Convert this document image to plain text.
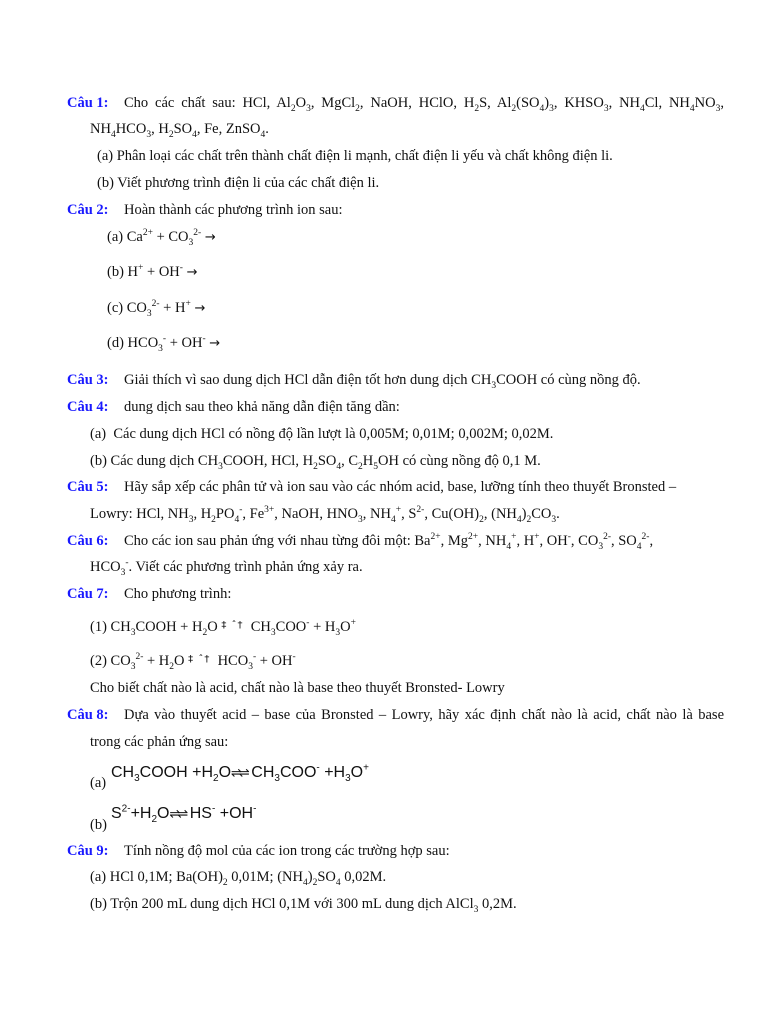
Câu 1: Cho các chất sau: HCl, $Al_2O_3$, MgCl$_2$, NaOH, HClO, $H_2S$, $Al_2(SO_4)_3$, $KHSO_3$, $NH_4Cl$, $NH_4NO_3$,
$NH_4HCO_3$, $H_2SO_4$, Fe, ZnSO$_4$.
(a) Phân loại các chất trên thành chất điện li mạnh, chất điện li yếu và chất không điện li.
(b) Viết phương trình điện li của các chất điện li.
Câu 2: Hoàn thành các phương trình ion sau:
(a) $Ca^{2+} + CO_3^{2-}$ →
(b) H+ + OH- →
(c) $CO_3^{2-} + H^+$ →
(d) $HCO_3^- + OH^-$ →
Câu 3: Giải thích vì sao dung dịch HCl dẫn điện tốt hơn dung dịch $CH_3COOH$ có cùng nồng độ.
Câu 4: dung dịch sau theo khả năng dẫn điện tăng dần:
(a) Các dung dịch HCl có nồng độ lần lượt là 0,005M; 0,01M; 0,002M; 0,02M.
(b) Các dung dịch $CH_3COOH$, HCl, $H_2SO_4$, $C_2H_5OH$ có cùng nồng độ 0,1 M.
Câu 5: Hãy sắp xếp các phân tử và ion sau vào các nhóm acid, base, lưỡng tính theo thuyết Bronsted –
Lowry: HCl, $NH_3$, $H_2PO_4^-$, $Fe^{3+}$, NaOH, $HNO_3$, $NH_4^+$, $S^{2-}$, $Cu(OH)_2$, $(NH_4)_2CO_3$.
Câu 6: Cho các ion sau phản ứng với nhau từng đôi một: $Ba^{2+}$, $Mg^{2+}$, $NH_4^+$, H+, OH-, $CO_3^{2-}$, $SO_4^{2-}$,
$HCO_3^-$. Viết các phương trình phản ứng xảy ra.
Câu 7: Cho phương trình:
(1) $CH_3COOH + H_2O$ $^{\ddagger ˆ\dagger}$  $CH_3COO^- + H_3O^+$
(2) $CO_3^{2-} + H_2O$ $^{\ddagger ˆ\dagger}$  $HCO_3^- + OH^-$
Cho biết chất nào là acid, chất nào là base theo thuyết Bronsted- Lowry
Câu 8: Dựa vào thuyết acid – base của Bronsted – Lowry, hãy xác định chất nào là acid, chất nào là base
trong các phản ứng sau:
(a)
$CH_3COOH$ $+H_2O\rightleftharpoons\rightleftharpoons$ $CH_3COO^- +H_3O^+$
(b)
$S^{2-}+H_2O\rightleftharpoons\rightleftharpoons$ HS- +OH-
Câu 9: Tính nồng độ mol của các ion trong các trường hợp sau:
(a) HCl 0,1M; $Ba(OH)_2$ 0,01M; $(NH_4)_2SO_4$ 0,02M.
(b) Trộn 200 mL dung dịch HCl 0,1M với 300 mL dung dịch AlCl$_3$ 0,2M.
